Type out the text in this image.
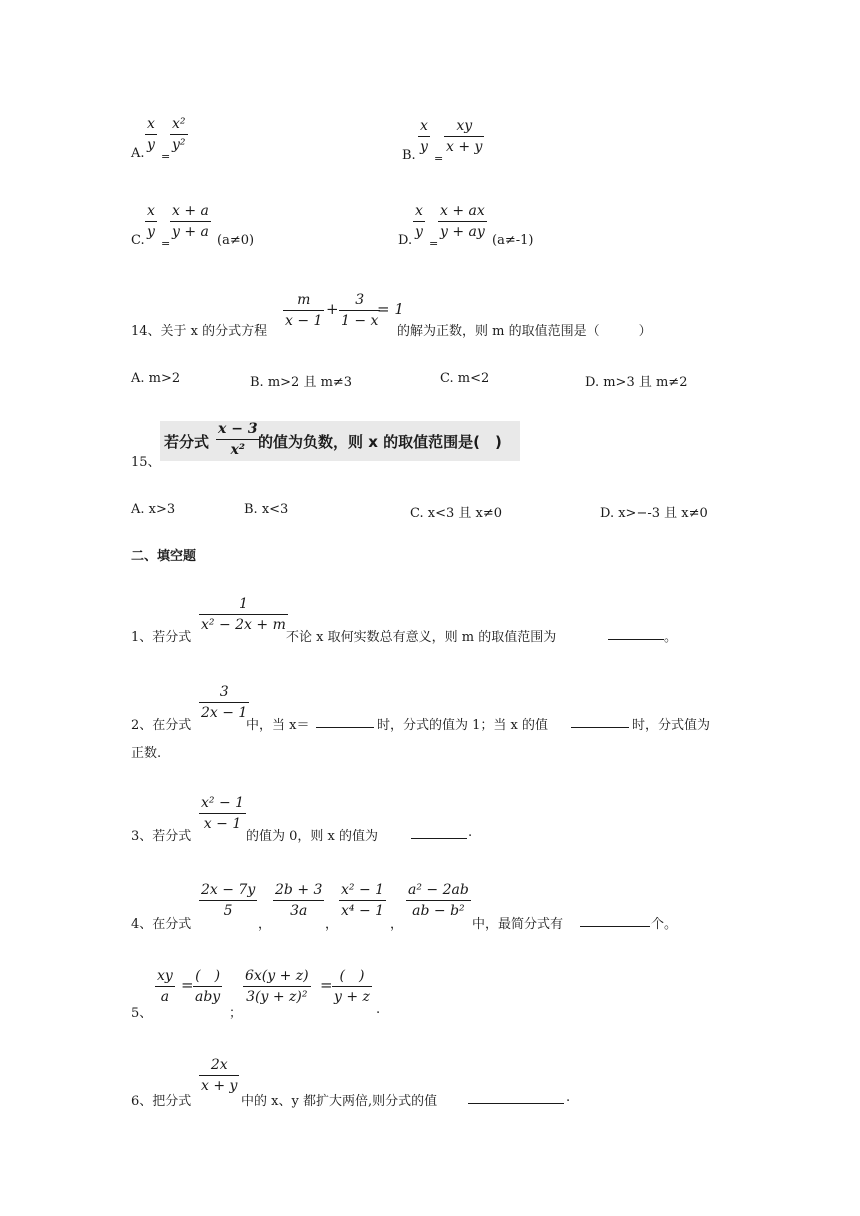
A. $\frac{x}{y}$
=
$\frac{\text{x²}}{\text{y²}}$
B. $\frac{x}{y}$
=
$\frac{xy}{x + y}$
C. $\frac{x}{y}$
=
$\frac{x + a}{y + a} (a\ne 0)$	D. $\frac{x}{y}$
=
$\frac{x + ax}{y + ay} (a\ne-1)$
14、关于 x 的分式方程
$\frac{m}{x - 1} + \frac{3}{1 - x}$
= 1
的解为正数，则 m 的取值范围是（　　　）
A. m>2	B. m>2 且 m≠3	C. m<2	D. m>3 且 m≠2
若分式 $\frac{x - 3}{\text{x²}}$
的值为负数，则 x 的取值范围是(　)
15、
A. x>3	B. x<3	C. x<3 且 x≠0	D. x>−-3 且 x≠0
二、填空题
1、若分式
$\frac{1}{\text{x² − 2x + m}}$
不论 x 取何实数总有意义，则 m 的取值范围为	。
2、在分式
$\frac{3}{2x - 1}$
中，当 x＝	时，分式的值为 1；当 x 的值	时，分式值为
正数.
3、若分式
$\frac{\text{x² − 1}}{x - 1}$
的值为 0，则 x 的值为	.
4、在分式
$\frac{2x - 7y}{5}$
，
$\frac{2b + 3}{3a}$
，
$\frac{\text{x² − 1}}{\text{x⁴ − 1}}$
，
$\frac{\text{a² − 2ab}}{\text{ab − b²}}$
中，最简分式有	个。
5、
$\frac{xy}{a}$ = (　)
aby
；
$\frac{6x(y + z)}{\text{3(y + z)²}}$ = (　)
y + z
.
6、把分式
$\frac{2x}{x + y}$
中的 x、y 都扩大两倍,则分式的值	.
